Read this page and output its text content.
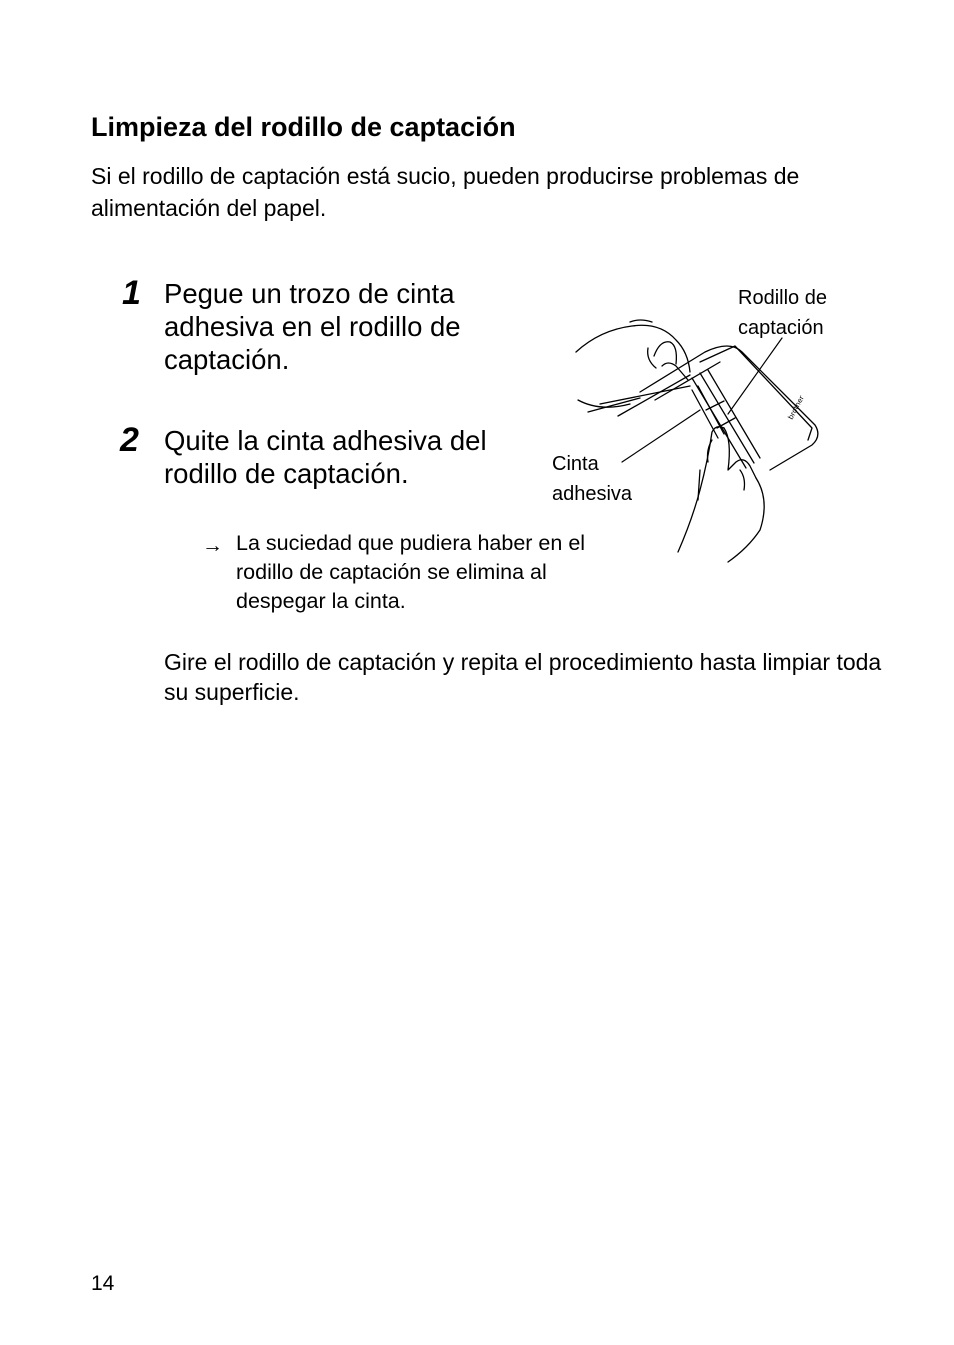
Limpieza del rodillo de captación

Si el rodillo de captación está sucio, pueden producirse problemas de alimentación del papel.

1 Pegue un trozo de cinta adhesiva en el rodillo de captación.

2 Quite la cinta adhesiva del rodillo de captación.

→ La suciedad que pudiera haber en el rodillo de captación se elimina al despegar la cinta.

Gire el rodillo de captación y repita el procedimiento hasta limpiar toda su superficie.

Rodillo de captación

Cinta adhesiva

brother
14
